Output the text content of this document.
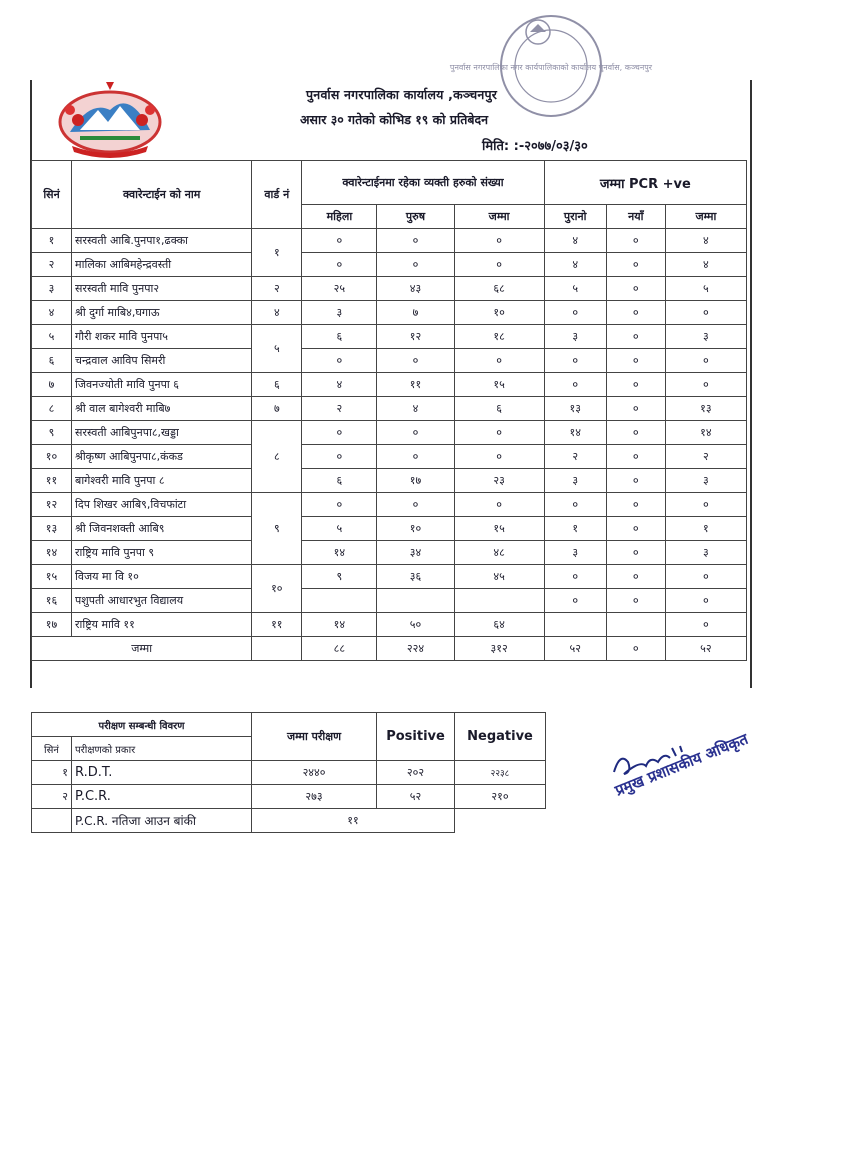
पुनर्वास नगरपालिका कार्यालय ,कञ्चनपुर
असार ३० गतेको कोभिड १९ को प्रतिबेदन
मिति: :-२०७७/०३/३०
पुनर्वास नगरपालिका नगर कार्यपालिकाको कार्यालय पुनर्वास, कञ्चनपुर
सिनं	क्वारेन्टाईन को नाम	वार्ड नं	क्वारेन्टाईनमा रहेका व्यक्ती हरुको संख्या			जम्मा PCR +ve		
			महिला	पुरुष	जम्मा	पुरानो	नयाँ	जम्मा
१	सरस्वती आबि.पुनपा१,ढक्का	१	०	०	०	४	०	४
२	मालिका आबिमहेन्द्रवस्ती		०	०	०	४	०	४
३	सरस्वती मावि पुनपा२	२	२५	४३	६८	५	०	५
४	श्री दुर्गा माबि४,घगाऊ	४	३	७	१०	०	०	०
५	गौरी शकर मावि पुनपा५	५	६	१२	१८	३	०	३
६	चन्द्रवाल आविप सिमरी		०	०	०	०	०	०
७	जिवनज्योती मावि पुनपा ६	६	४	११	१५	०	०	०
८	श्री वाल बागेश्वरी माबि७	७	२	४	६	१३	०	१३
९	सरस्वती आबिपुनपा८,खड्डा	८	०	०	०	१४	०	१४
१०	श्रीकृष्ण आबिपुनपा८,कंकड		०	०	०	२	०	२
११	बागेश्वरी मावि पुनपा ८		६	१७	२३	३	०	३
१२	दिप शिखर आबि९,विचफांटा	९	०	०	०	०	०	०
१३	श्री जिवनशक्ती आबि९		५	१०	१५	१	०	१
१४	राष्ट्रिय मावि पुनपा ९		१४	३४	४८	३	०	३
१५	विजय मा वि १०	१०	९	३६	४५	०	०	०
१६	पशुपती आधारभुत विद्यालय					०	०	०
१७	राष्ट्रिय मावि ११	११	१४	५०	६४			०
जम्मा			८८	२२४	३१२	५२	०	५२
परीक्षण सम्बन्धी विवरण		जम्मा परीक्षण	Positive	Negative
सिनं	परीक्षणको प्रकार			
१	R.D.T.	२४४०	२०२	२२३८
२	P.C.R.	२७३	५२	२१०
	P.C.R. नतिजा आउन बांकी	११		
प्रमुख प्रशासकीय अधिकृत
